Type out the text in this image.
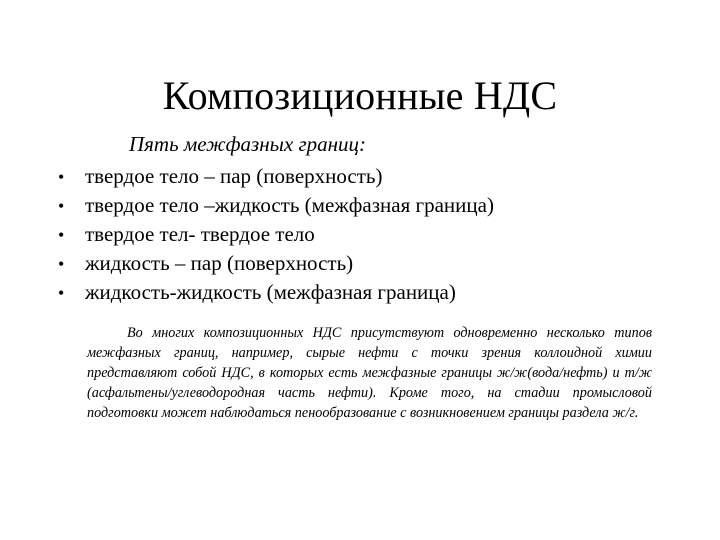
Композиционные НДС
Пять межфазных границ:
• твердое тело – пар (поверхность)
• твердое тело –жидкость (межфазная граница)
• твердое тел- твердое тело
• жидкость – пар (поверхность)
• жидкость-жидкость (межфазная граница)

Во многих композиционных НДС присутствуют одновременно несколько типов межфазных границ, например, сырые нефти с точки зрения коллоидной химии представляют собой НДС, в которых есть межфазные границы ж/ж(вода/нефть) и т/ж (асфальтены/углеводородная часть нефти). Кроме того, на стадии промысловой подготовки может наблюдаться пенообразование с возникновением границы раздела ж/г.
